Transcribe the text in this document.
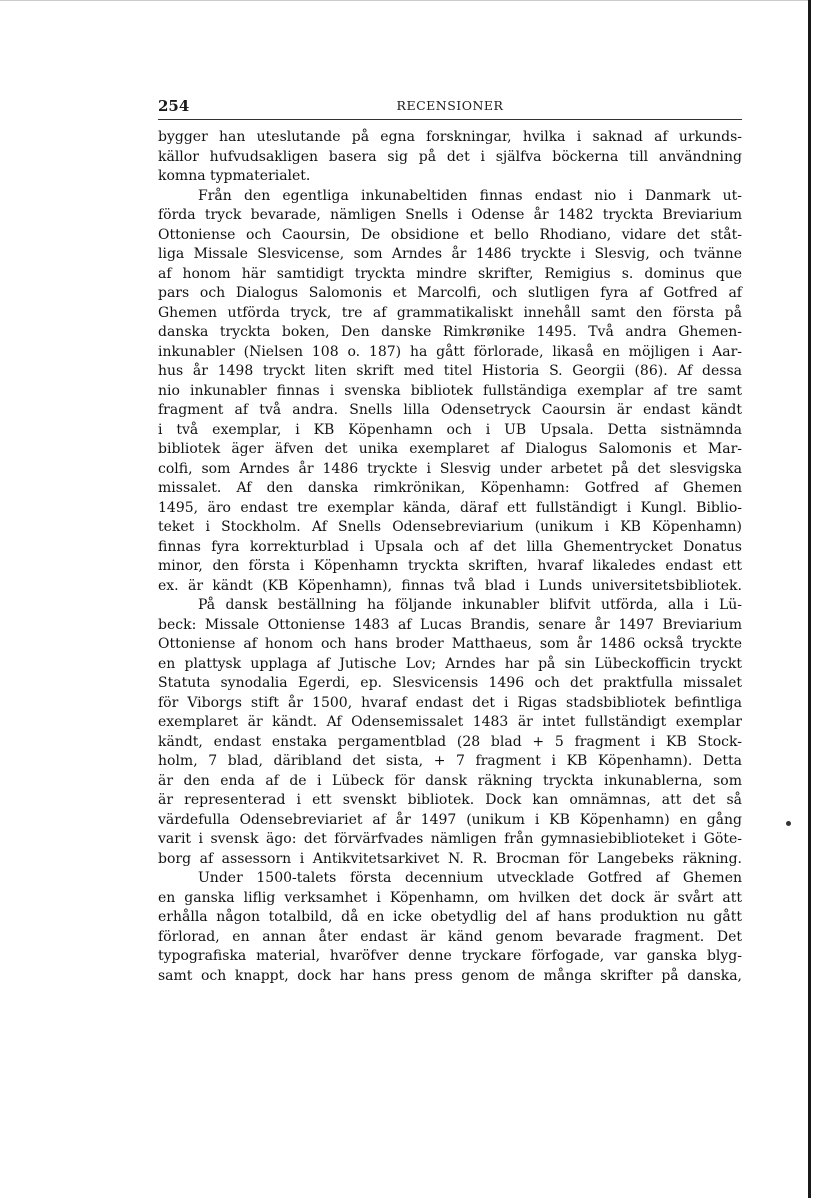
254	RECENSIONER

bygger han uteslutande på egna forskningar, hvilka i saknad af urkunds-
källor hufvudsakligen basera sig på det i själfva böckerna till användning
komna typmaterialet.

Från den egentliga inkunabeltiden finnas endast nio i Danmark ut-
förda tryck bevarade, nämligen Snells i Odense år 1482 tryckta Breviarium
Ottoniense och Caoursin, De obsidione et bello Rhodiano, vidare det ståt-
liga Missale Slesvicense, som Arndes år 1486 tryckte i Slesvig, och tvänne
af honom här samtidigt tryckta mindre skrifter, Remigius s. dominus que
pars och Dialogus Salomonis et Marcolfi, och slutligen fyra af Gotfred af
Ghemen utförda tryck, tre af grammatikaliskt innehåll samt den första på
danska tryckta boken, Den danske Rimkrønike 1495. Två andra Ghemen-
inkunabler (Nielsen 108 o. 187) ha gått förlorade, likaså en möjligen i Aar-
hus år 1498 tryckt liten skrift med titel Historia S. Georgii (86). Af dessa
nio inkunabler finnas i svenska bibliotek fullständiga exemplar af tre samt
fragment af två andra. Snells lilla Odensetryck Caoursin är endast kändt
i två exemplar, i KB Köpenhamn och i UB Upsala. Detta sistnämnda
bibliotek äger äfven det unika exemplaret af Dialogus Salomonis et Mar-
colfi, som Arndes år 1486 tryckte i Slesvig under arbetet på det slesvigska
missalet. Af den danska rimkrönikan, Köpenhamn: Gotfred af Ghemen
1495, äro endast tre exemplar kända, däraf ett fullständigt i Kungl. Biblio-
teket i Stockholm. Af Snells Odensebreviarium (unikum i KB Köpenhamn)
finnas fyra korrekturblad i Upsala och af det lilla Ghementrycket Donatus
minor, den första i Köpenhamn tryckta skriften, hvaraf likaledes endast ett
ex. är kändt (KB Köpenhamn), finnas två blad i Lunds universitetsbibliotek.

På dansk beställning ha följande inkunabler blifvit utförda, alla i Lü-
beck: Missale Ottoniense 1483 af Lucas Brandis, senare år 1497 Breviarium
Ottoniense af honom och hans broder Matthaeus, som år 1486 också tryckte
en plattysk upplaga af Jutische Lov; Arndes har på sin Lübeckofficin tryckt
Statuta synodalia Egerdi, ep. Slesvicensis 1496 och det praktfulla missalet
för Viborgs stift år 1500, hvaraf endast det i Rigas stadsbibliotek befintliga
exemplaret är kändt. Af Odensemissalet 1483 är intet fullständigt exemplar
kändt, endast enstaka pergamentblad (28 blad + 5 fragment i KB Stock-
holm, 7 blad, däribland det sista, + 7 fragment i KB Köpenhamn). Detta
är den enda af de i Lübeck för dansk räkning tryckta inkunablerna, som
är representerad i ett svenskt bibliotek. Dock kan omnämnas, att det så
värdefulla Odensebreviariet af år 1497 (unikum i KB Köpenhamn) en gång
varit i svensk ägo: det förvärfvades nämligen från gymnasiebiblioteket i Göte-
borg af assessorn i Antikvitetsarkivet N. R. Brocman för Langebeks räkning.

Under 1500-talets första decennium utvecklade Gotfred af Ghemen
en ganska liflig verksamhet i Köpenhamn, om hvilken det dock är svårt att
erhålla någon totalbild, då en icke obetydlig del af hans produktion nu gått
förlorad, en annan åter endast är känd genom bevarade fragment. Det
typografiska material, hvaröfver denne tryckare förfogade, var ganska blyg-
samt och knappt, dock har hans press genom de många skrifter på danska,
